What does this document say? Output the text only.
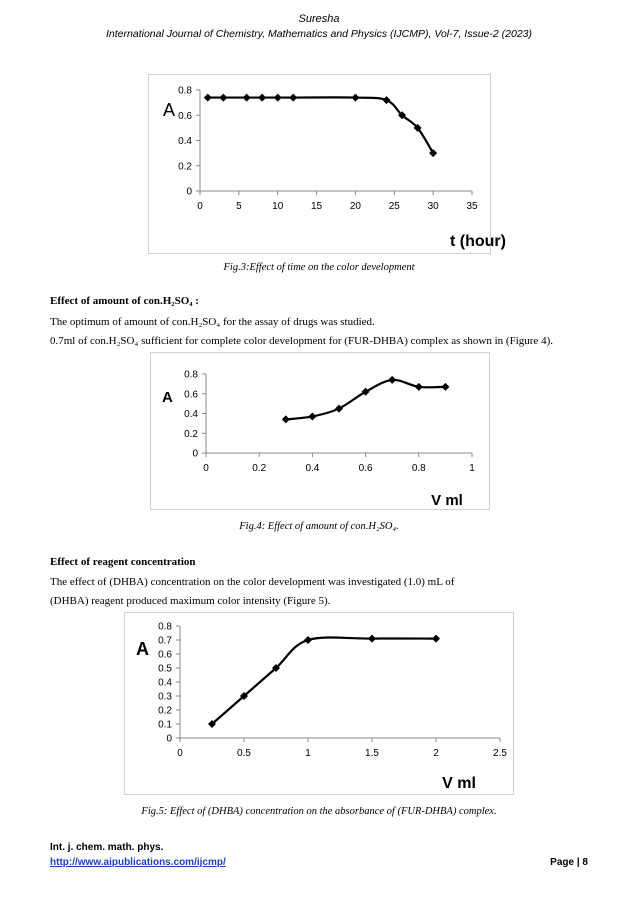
Suresha
International Journal of Chemistry, Mathematics and Physics (IJCMP), Vol-7, Issue-2 (2023)
0
0.2
0.4
0.6
0.8
0	5	10	15	20	25	30	35
A
t (hour)
Fig.3:Effect of time on the color development
Effect of amount of con.H₂SO₄ :
The optimum of amount of con.H₂SO₄ for the assay of drugs was studied.
0.7ml of con.H₂SO₄ sufficient for complete color development for (FUR-DHBA) complex as shown in (Figure 4).
0
0.2
0.4
0.6
0.8
0	0.2	0.4	0.6	0.8	1
A
V ml
Fig.4: Effect of amount of con.H₂SO₄.
Effect of reagent concentration
The effect of (DHBA) concentration on the color development was investigated (1.0) mL of
(DHBA) reagent produced maximum color intensity (Figure 5).
0
0.1
0.2
0.3
0.4
0.5
0.6
0.7
0.8
0	0.5	1	1.5	2	2.5
A
V ml
Fig.5: Effect of (DHBA) concentration on the absorbance of (FUR-DHBA) complex.
Int. j. chem. math. phys.
http://www.aipublications.com/ijcmp/	Page | 8
